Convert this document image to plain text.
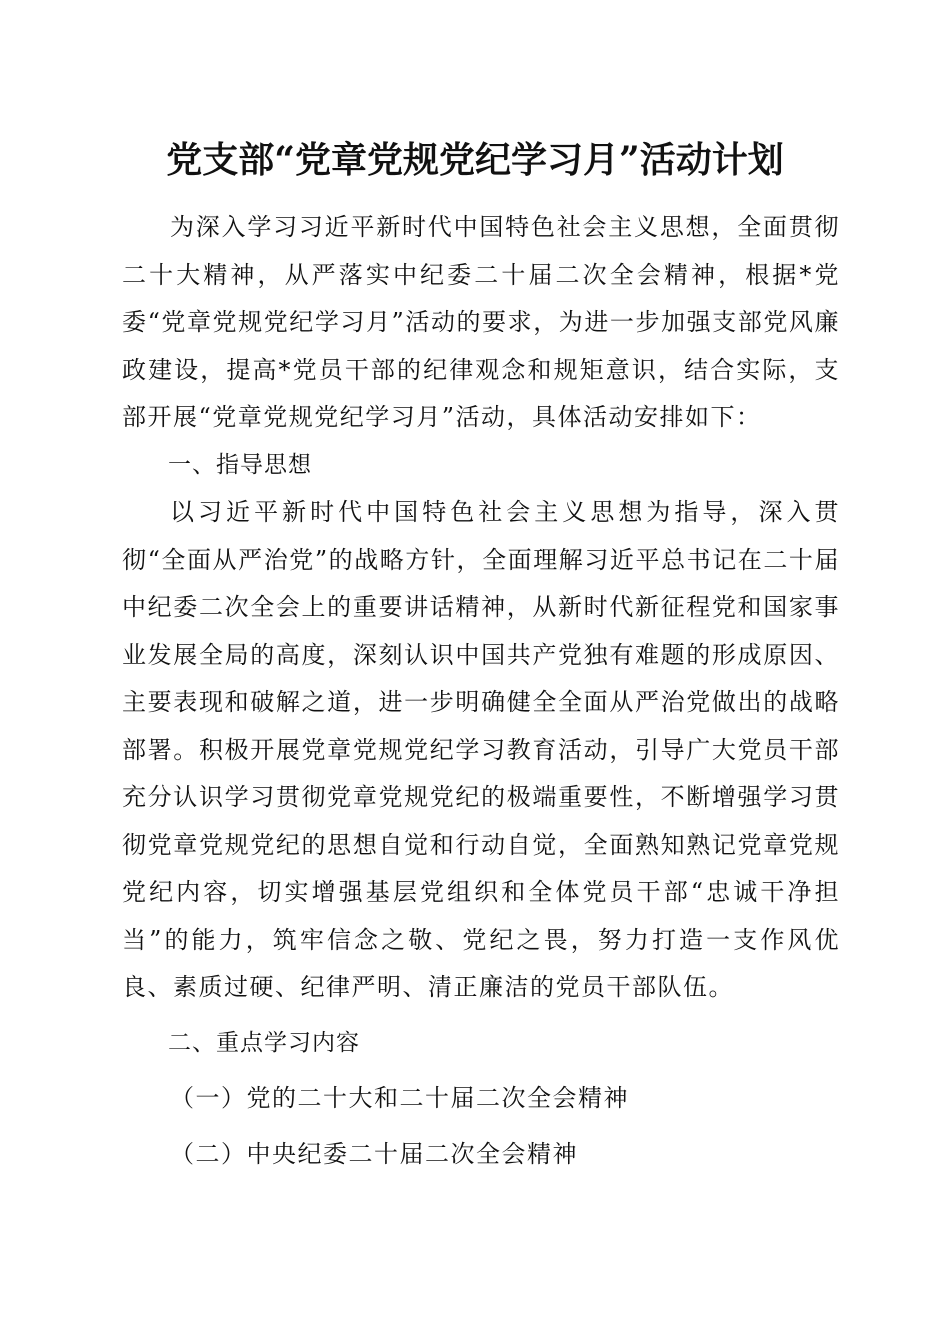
党支部“党章党规党纪学习月”活动计划

为深入学习习近平新时代中国特色社会主义思想，全面贯彻二十大精神，从严落实中纪委二十届二次全会精神，根据*党委“党章党规党纪学习月”活动的要求，为进一步加强支部党风廉政建设，提高*党员干部的纪律观念和规矩意识，结合实际，支部开展“党章党规党纪学习月”活动，具体活动安排如下：

一、指导思想

以习近平新时代中国特色社会主义思想为指导，深入贯彻“全面从严治党”的战略方针，全面理解习近平总书记在二十届中纪委二次全会上的重要讲话精神，从新时代新征程党和国家事业发展全局的高度，深刻认识中国共产党独有难题的形成原因、主要表现和破解之道，进一步明确健全全面从严治党做出的战略部署。积极开展党章党规党纪学习教育活动，引导广大党员干部充分认识学习贯彻党章党规党纪的极端重要性，不断增强学习贯彻党章党规党纪的思想自觉和行动自觉，全面熟知熟记党章党规党纪内容，切实增强基层党组织和全体党员干部“忠诚干净担当”的能力，筑牢信念之敬、党纪之畏，努力打造一支作风优良、素质过硬、纪律严明、清正廉洁的党员干部队伍。

二、重点学习内容

（一）党的二十大和二十届二次全会精神

（二）中央纪委二十届二次全会精神
